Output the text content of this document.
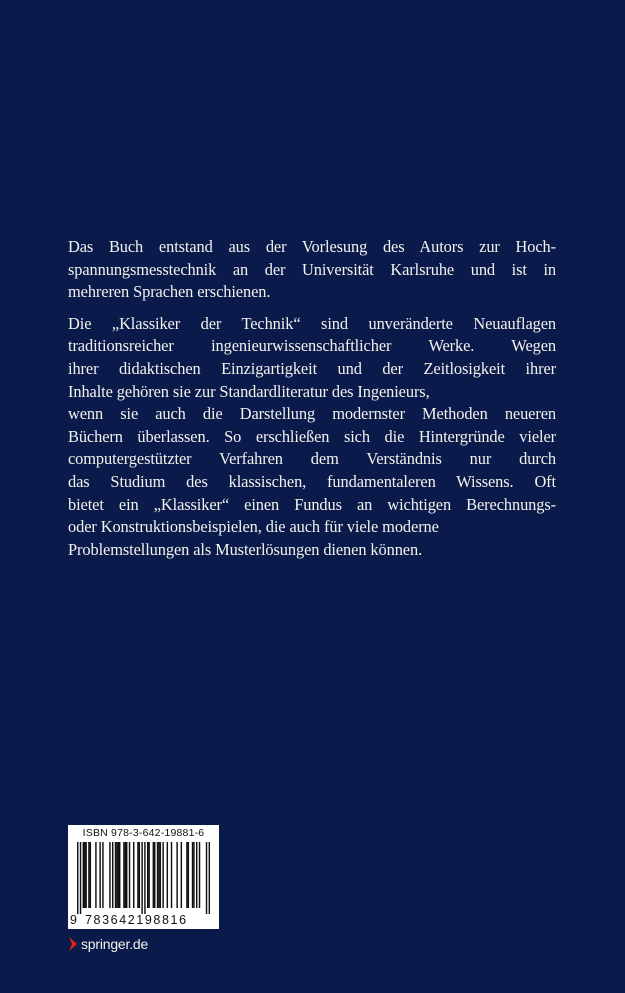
Das Buch entstand aus der Vorlesung des Autors zur Hoch-
spannungsmesstechnik an der Universität Karlsruhe und ist in
mehreren Sprachen erschienen.

Die „Klassiker der Technik“ sind unveränderte Neuauflagen
traditionsreicher ingenieurwissenschaftlicher Werke. Wegen
ihrer didaktischen Einzigartigkeit und der Zeitlosigkeit ihrer
Inhalte gehören sie zur Standardliteratur des Ingenieurs,
wenn sie auch die Darstellung modernster Methoden neueren
Büchern überlassen. So erschließen sich die Hintergründe vieler
computergestützter Verfahren dem Verständnis nur durch
das Studium des klassischen, fundamentaleren Wissens. Oft
bietet ein „Klassiker“ einen Fundus an wichtigen Berechnungs-
oder Konstruktionsbeispielen, die auch für viele moderne
Problemstellungen als Musterlösungen dienen können.

ISBN 978-3-642-19881-6
9 783642198816
springer.de
